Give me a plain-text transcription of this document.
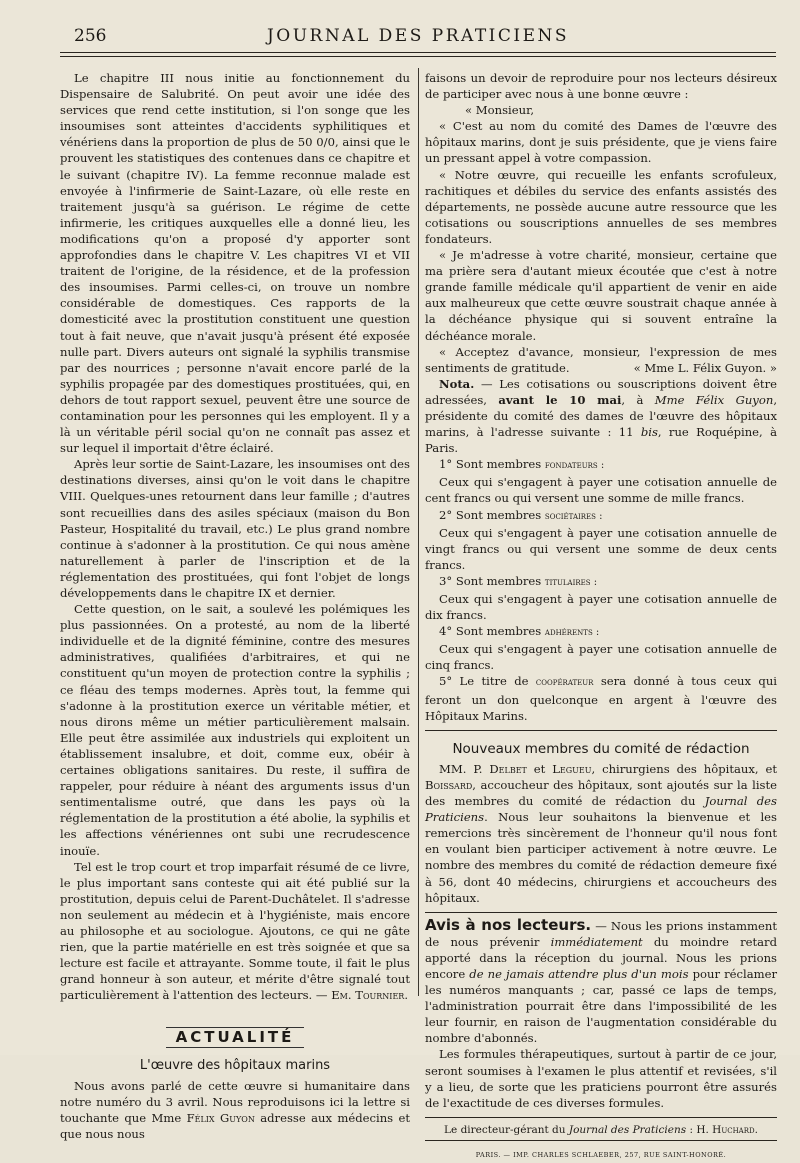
256	JOURNAL DES PRATICIENS

Le chapitre III nous initie au fonctionnement du Dispensaire de Salubrité. On peut avoir une idée des services que rend cette institution, si l'on songe que les insoumises sont atteintes d'accidents syphilitiques et vénériens dans la proportion de plus de 50 0/0, ainsi que le prouvent les statistiques des contenues dans ce chapitre et le suivant (chapitre IV). La femme reconnue malade est envoyée à l'infirmerie de Saint-Lazare, où elle reste en traitement jusqu'à sa guérison. Le régime de cette infirmerie, les critiques auxquelles elle a donné lieu, les modifications qu'on a proposé d'y apporter sont approfondies dans le chapitre V. Les chapitres VI et VII traitent de l'origine, de la résidence, et de la profession des insoumises. Parmi celles-ci, on trouve un nombre considérable de domestiques. Ces rapports de la domesticité avec la prostitution constituent une question tout à fait neuve, que n'avait jusqu'à présent été exposée nulle part. Divers auteurs ont signalé la syphilis transmise par des nourrices ; personne n'avait encore parlé de la syphilis propagée par des domestiques prostituées, qui, en dehors de tout rapport sexuel, peuvent être une source de contamination pour les personnes qui les employent. Il y a là un véritable péril social qu'on ne connaît pas assez et sur lequel il importait d'être éclairé.

Après leur sortie de Saint-Lazare, les insoumises ont des destinations diverses, ainsi qu'on le voit dans le chapitre VIII. Quelques-unes retournent dans leur famille ; d'autres sont recueillies dans des asiles spéciaux (maison du Bon Pasteur, Hospitalité du travail, etc.) Le plus grand nombre continue à s'adonner à la prostitution. Ce qui nous amène naturellement à parler de l'inscription et de la réglementation des prostituées, qui font l'objet de longs développements dans le chapitre IX et dernier.

Cette question, on le sait, a soulevé les polémiques les plus passionnées. On a protesté, au nom de la liberté individuelle et de la dignité féminine, contre des mesures administratives, qualifiées d'arbitraires, et qui ne constituent qu'un moyen de protection contre la syphilis ; ce fléau des temps modernes. Après tout, la femme qui s'adonne à la prostitution exerce un véritable métier, et nous dirons même un métier particulièrement malsain. Elle peut être assimilée aux industriels qui exploitent un établissement insalubre, et doit, comme eux, obéir à certaines obligations sanitaires. Du reste, il suffira de rappeler, pour réduire à néant des arguments issus d'un sentimentalisme outré, que dans les pays où la réglementation de la prostitution a été abolie, la syphilis et les affections vénériennes ont subi une recrudescence inouïe.

Tel est le trop court et trop imparfait résumé de ce livre, le plus important sans conteste qui ait été publié sur la prostitution, depuis celui de Parent-Duchâtelet. Il s'adresse non seulement au médecin et à l'hygiéniste, mais encore au philosophe et au sociologue. Ajoutons, ce qui ne gâte rien, que la partie matérielle en est très soignée et que sa lecture est facile et attrayante. Somme toute, il fait le plus grand honneur à son auteur, et mérite d'être signalé tout particulièrement à l'attention des lecteurs. — Em. Tournier.

ACTUALITÉ
L'œuvre des hôpitaux marins

Nous avons parlé de cette œuvre si humanitaire dans notre numéro du 3 avril. Nous reproduisons ici la lettre si touchante que Mme Félix Guyon adresse aux médecins et que nous nous

faisons un devoir de reproduire pour nos lecteurs désireux de participer avec nous à une bonne œuvre :

« Monsieur,

« C'est au nom du comité des Dames de l'œuvre des hôpitaux marins, dont je suis présidente, que je viens faire un pressant appel à votre compassion.

« Notre œuvre, qui recueille les enfants scrofuleux, rachitiques et débiles du service des enfants assistés des départements, ne possède aucune autre ressource que les cotisations ou souscriptions annuelles de ses membres fondateurs.

« Je m'adresse à votre charité, monsieur, certaine que ma prière sera d'autant mieux écoutée que c'est à notre grande famille médicale qu'il appartient de venir en aide aux malheureux que cette œuvre soustrait chaque année à la déchéance physique qui si souvent entraîne la déchéance morale.

« Acceptez d'avance, monsieur, l'expression de mes sentiments de gratitude.	« Mme L. Félix Guyon. »

Nota. — Les cotisations ou souscriptions doivent être adressées, avant le 10 mai, à Mme Félix Guyon, présidente du comité des dames de l'œuvre des hôpitaux marins, à l'adresse suivante : 11 bis, rue Roquépine, à Paris.

1° Sont membres fondateurs :

Ceux qui s'engagent à payer une cotisation annuelle de cent francs ou qui versent une somme de mille francs.

2° Sont membres sociétaires :

Ceux qui s'engagent à payer une cotisation annuelle de vingt francs ou qui versent une somme de deux cents francs.

3° Sont membres titulaires :

Ceux qui s'engagent à payer une cotisation annuelle de dix francs.

4° Sont membres adhérents :

Ceux qui s'engagent à payer une cotisation annuelle de cinq francs.

5° Le titre de coopérateur sera donné à tous ceux qui feront un don quelconque en argent à l'œuvre des Hôpitaux Marins.

Nouveaux membres du comité de rédaction

MM. P. Delbet et Legueu, chirurgiens des hôpitaux, et Boissard, accoucheur des hôpitaux, sont ajoutés sur la liste des membres du comité de rédaction du Journal des Praticiens. Nous leur souhaitons la bienvenue et les remercions très sincèrement de l'honneur qu'il nous font en voulant bien participer activement à notre œuvre. Le nombre des membres du comité de rédaction demeure fixé à 56, dont 40 médecins, chirurgiens et accoucheurs des hôpitaux.

Avis à nos lecteurs. — Nous les prions instamment de nous prévenir immédiatement du moindre retard apporté dans la réception du journal. Nous les prions encore de ne jamais attendre plus d'un mois pour réclamer les numéros manquants ; car, passé ce laps de temps, l'administration pourrait être dans l'impossibilité de les leur fournir, en raison de l'augmentation considérable du nombre d'abonnés.

Les formules thérapeutiques, surtout à partir de ce jour, seront soumises à l'examen le plus attentif et revisées, s'il y a lieu, de sorte que les praticiens pourront être assurés de l'exactitude de ces diverses formules.

Le directeur-gérant du Journal des Praticiens : H. Huchard.
PARIS. — IMP. CHARLES SCHLAEBER, 257, RUE SAINT-HONORÉ.
